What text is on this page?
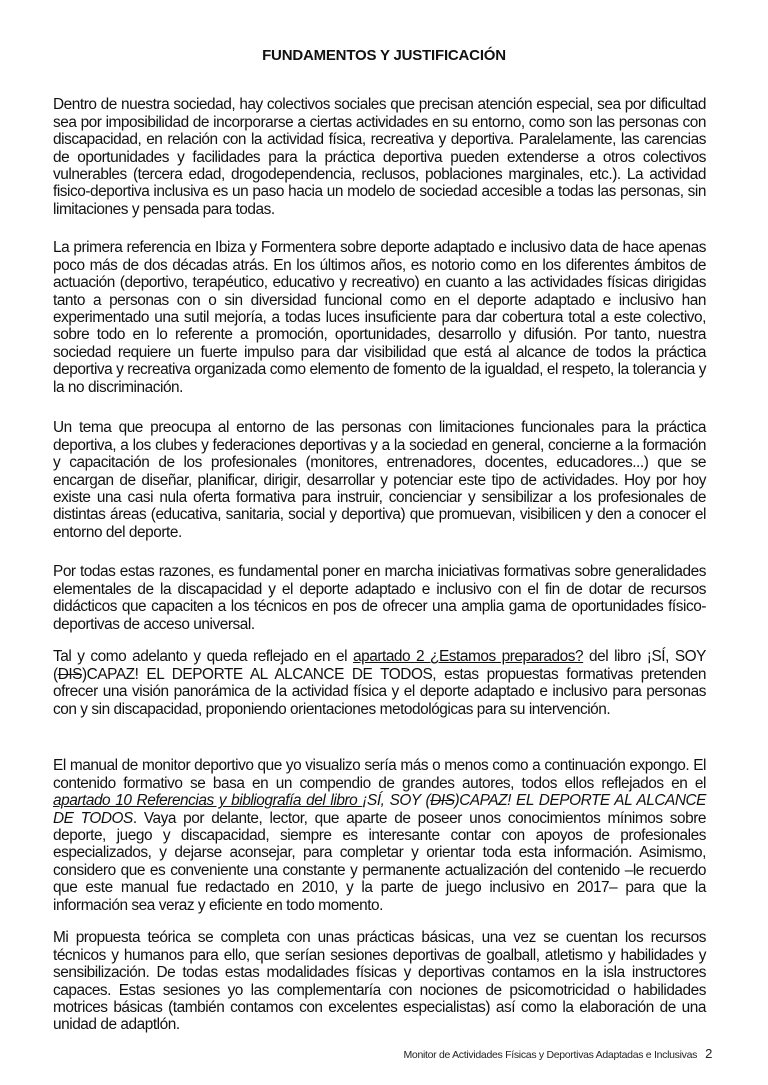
FUNDAMENTOS Y JUSTIFICACIÓN

Dentro de nuestra sociedad, hay colectivos sociales que precisan atención especial, sea por dificultad sea por imposibilidad de incorporarse a ciertas actividades en su entorno, como son las personas con discapacidad, en relación con la actividad física, recreativa y deportiva. Paralelamente, las carencias de oportunidades y facilidades para la práctica deportiva pueden extenderse a otros colectivos vulnerables (tercera edad, drogodependencia, reclusos, poblaciones marginales, etc.). La actividad fisico-deportiva inclusiva es un paso hacia un modelo de sociedad accesible a todas las personas, sin limitaciones y pensada para todas.

La primera referencia en Ibiza y Formentera sobre deporte adaptado e inclusivo data de hace apenas poco más de dos décadas atrás. En los últimos años, es notorio como en los diferentes ámbitos de actuación (deportivo, terapéutico, educativo y recreativo) en cuanto a las actividades físicas dirigidas tanto a personas con o sin diversidad funcional como en el deporte adaptado e inclusivo han experimentado una sutil mejoría, a todas luces insuficiente para dar cobertura total a este colectivo, sobre todo en lo referente a promoción, oportunidades, desarrollo y difusión. Por tanto, nuestra sociedad requiere un fuerte impulso para dar visibilidad que está al alcance de todos la práctica deportiva y recreativa organizada como elemento de fomento de la igualdad, el respeto, la tolerancia y la no discriminación.

Un tema que preocupa al entorno de las personas con limitaciones funcionales para la práctica deportiva, a los clubes y federaciones deportivas y a la sociedad en general, concierne a la formación y capacitación de los profesionales (monitores, entrenadores, docentes, educadores...) que se encargan de diseñar, planificar, dirigir, desarrollar y potenciar este tipo de actividades. Hoy por hoy existe una casi nula oferta formativa para instruir, concienciar y sensibilizar a los profesionales de distintas áreas (educativa, sanitaria, social y deportiva) que promuevan, visibilicen y den a conocer el entorno del deporte.

Por todas estas razones, es fundamental poner en marcha iniciativas formativas sobre generalidades elementales de la discapacidad y el deporte adaptado e inclusivo con el fin de dotar de recursos didácticos que capaciten a los técnicos en pos de ofrecer una amplia gama de oportunidades físico-deportivas de acceso universal.

Tal y como adelanto y queda reflejado en el apartado 2 ¿Estamos preparados? del libro ¡SÍ, SOY (DIS)CAPAZ! EL DEPORTE AL ALCANCE DE TODOS, estas propuestas formativas pretenden ofrecer una visión panorámica de la actividad física y el deporte adaptado e inclusivo para personas con y sin discapacidad, proponiendo orientaciones metodológicas para su intervención.

El manual de monitor deportivo que yo visualizo sería más o menos como a continuación expongo. El contenido formativo se basa en un compendio de grandes autores, todos ellos reflejados en el apartado 10 Referencias y bibliografía del libro ¡SÍ, SOY (DIS)CAPAZ! EL DEPORTE AL ALCANCE DE TODOS. Vaya por delante, lector, que aparte de poseer unos conocimientos mínimos sobre deporte, juego y discapacidad, siempre es interesante contar con apoyos de profesionales especializados, y dejarse aconsejar, para completar y orientar toda esta información. Asimismo, considero que es conveniente una constante y permanente actualización del contenido –le recuerdo que este manual fue redactado en 2010, y la parte de juego inclusivo en 2017– para que la información sea veraz y eficiente en todo momento.

Mi propuesta teórica se completa con unas prácticas básicas, una vez se cuentan los recursos técnicos y humanos para ello, que serían sesiones deportivas de goalball, atletismo y habilidades y sensibilización. De todas estas modalidades físicas y deportivas contamos en la isla instructores capaces. Estas sesiones yo las complementaría con nociones de psicomotricidad o habilidades motrices básicas (también contamos con excelentes especialistas) así como la elaboración de una unidad de adaptlón.

Monitor de Actividades Físicas y Deportivas Adaptadas e Inclusivas 2
